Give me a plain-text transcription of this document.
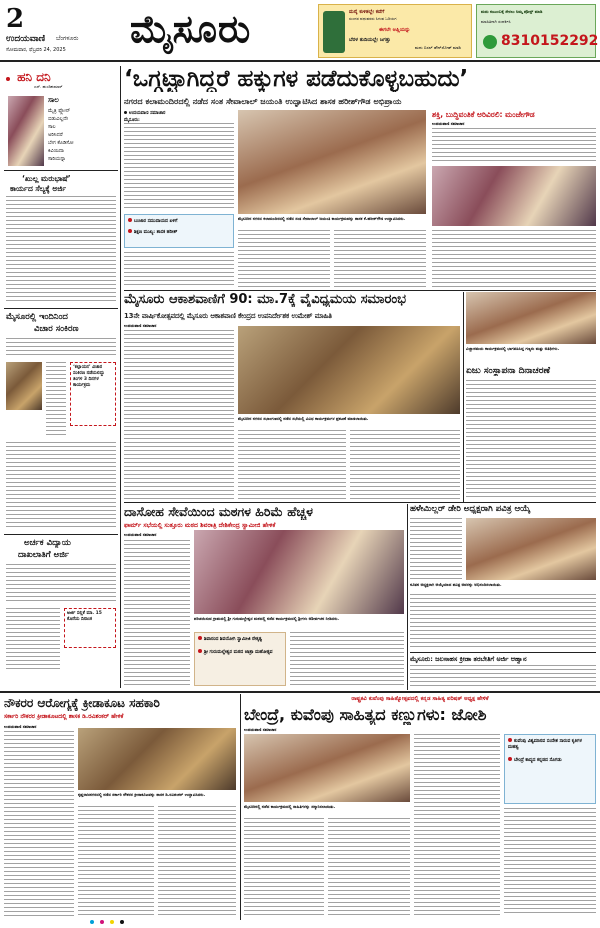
2
ಉದಯವಾಣಿ ಬೆಂಗಳೂರು
ಸೋಮವಾರ, ಫೆಬ್ರವರಿ 24, 2025 ಮೈಸೂರು	ಮನೈ ಕುಳಿತಲ್ಲೇ ಕವೆಗೆ
ಸುಂದರ ವಧುವರರು ಸಿಗುವ ಒರಿಯಗ
ಈಗಲೇ ಅಪ್ಲಿಯನ್ನು
ಬೆರಳ ತುದಿಯಲ್ಲೇ ಜಗತ್ತು
ಮದು ಬಿಸಲ್ ಡೌನ್‌ಲೋಡ್ ಮಾಡಿ
ಮದು ಕುಟುಂಬಕ್ಕೆ ಸೇರಲು ನಿಮ್ಮ ಪೋಸ್ಟ್ ಮಾಡಿ
ಮಾಹಿತಿಗಾಗಿ ಸಂಪರ್ಕಿಸಿ
8310152292
ಹನಿ ದನಿ
ಎಸ್. ಹುಂಡಿಕುಮಾರ್
ಸಾಲ
ಮೈತ್ರಿ ಫ್ಲೋನ್‌
ಬಿಡುವಿಲ್ಲದೇ
ಸಾಲ
ಅರಿಸಿದರೆ
ಬೇಗ ಕೊಡಿಸೋ
ಕಿವಿಯಿದಾ
ಸಾರಿಯನ್ನಾ
‘ಖುಲ್ಲ ಮರುಭಾಷೆ’
ಕಾರ್ಯದ ಸೆಲ್ಯಕ್ಕೆ ಅರ್ಜಿ
ಮೈಸೂರಲ್ಲಿ ಇಂದಿನಿಂದ
ವಿಚಾರ ಸಂಕಿರಣ
‘ಕಲ್ಪಾಯನ’ ವಿಚಾರ ಸಂಕಿರಣ ನಡೆಯಲಿದ್ದು ತಿಂಗಳ 3 ದಿನಗಳ ಕಾರ್ಯಕ್ರಮ
ಅರ್ಚಕ ವಿದ್ಯಾಯ
ದಾಖಲಾತಿಗೆ ಅರ್ಜಿ
ಅರ್ಜಿ ಸಲ್ಲಿಕೆ ಮಾ. 15 ಕೊನೆಯ ದಿನಾಂಕ
‘ಒಗ್ಗಟ್ಟಾಗಿದ್ದರೆ ಹಕ್ಕುಗಳ ಪಡೆದುಕೊಳ್ಳಬಹುದು’
ನಗರದ ಕಲಾಮಂದಿರದಲ್ಲಿ ನಡೆದ ಸಂತ ಸೇವಾಲಾಲ್ ಜಯಂತಿ ಉದ್ಘಾಟಿಸಿದ ಶಾಸಕ ಹರೀಶ್‌ಗೌಡ ಅಭಿಪ್ರಾಯ
ಉದಯವಾಣಿ ಸಮಾಚಾರ
ಮೈಸೂರು:
ಬಂಜಾರ ಸಮುದಾಯದ ಏಳಿಗೆ
ಶಿಕ್ಷಣ ಮುಖ್ಯ: ಶಾಸಕ ಹರೀಶ್‌
ಮೈಸೂರಿನ ನಗರದ ಕಲಾಮಂದಿರದಲ್ಲಿ ನಡೆದ ಸಂತ ಸೇವಾಲಾಲ್ ಜಯಂತಿ ಕಾರ್ಯಕ್ರಮವನ್ನು ಶಾಸಕ ಕೆ.ಹರೀಶ್‌ಗೌಡ ಉದ್ಘಾಟಿಸಿದರು.
ಶಕ್ತಿ, ಬುದ್ಧಿವಂತಿಕೆ ಅರಿವಿರಲಿ: ಮಂಜೇಗೌಡ
ಉದಯವಾಣಿ ಸಮಾಚಾರ
ಮೈಸೂರು ಆಕಾಶವಾಣಿಗೆ 90: ಮಾ.7ಕ್ಕೆ ವೈವಿಧ್ಯಮಯ ಸಮಾರಂಭ
13ನೇ ವಾರ್ಷಿಕೋತ್ಸವದಲ್ಲಿ ಮೈಸೂರು ಆಕಾಶವಾಣಿ ಕೇಂದ್ರದ ಉಪನಿರ್ದೇಶಕ ಉಮೇಶ್ ಮಾಹಿತಿ
ಉದಯವಾಣಿ ಸಮಾಚಾರ
ಮೈಸೂರಿನ ನಗರದ ಸಭಾಂಗಣದಲ್ಲಿ ನಡೆದ ಸಭೆಯಲ್ಲಿ ವಿವಿಧ ಕಾರ್ಯಕ್ರಮಗಳ ಪ್ರಕಟಣೆ ಮಾಡಲಾಯಿತು.
ವಿಜ್ಞಾನಮಯ ಕಾರ್ಯಕ್ರಮದಲ್ಲಿ ಭಾಗವಹಿಸಿದ್ದ ಗಣ್ಯರು ಮತ್ತು ಅತಿಥಿಗಳು.
ಏಜು ಸಂಸ್ಥಾಪನಾ ದಿನಾಚರಣೆ
ದಾಸೋಹ ಸೇವೆಯಿಂದ ಮಠಗಳ ಹಿರಿಮೆ ಹೆಚ್ಚಳ
ಫಾರ್ಮ್‌ ಸಭೆಯಲ್ಲಿ ಸುತ್ತೂರು ಮಠದ ಶಿವರಾತ್ರಿ ದೇಶಿಕೇಂದ್ರ ಸ್ವಾಮೀಜಿ ಹೇಳಿಕೆ
ಉದಯವಾಣಿ ಸಮಾಚಾರ
ಪರಿಚಯಿಸುವ ಗ್ರಾಮದಲ್ಲಿ ಶ್ರೀ ಗುರುಮಲ್ಲೇಶ್ವರ ಮಠದಲ್ಲಿ ನಡೆದ ಕಾರ್ಯಕ್ರಮದಲ್ಲಿ ಶ್ರೀಗಳು ಆಶೀರ್ವಚನ ನೀಡಿದರು.
ಶಿವಾನಂದ ಶಿವಯೋಗಿ ಸ್ವಾಮೀಜಿ ನೇತೃತ್ವ
ಶ್ರೀ ಗುರುಮಲ್ಲೇಶ್ವರ ಮಠದ ಜಾತ್ರಾ ಮಹೋತ್ಸವ
ಹಳೇಮಿಲ್ಲರ್ ಡೇರಿ ಅಧ್ಯಕ್ಷರಾಗಿ ಪವಿತ್ರ ಆಯ್ಕೆ
ನೂತನ ಅಧ್ಯಕ್ಷರಾಗಿ ಆಯ್ಕೆಯಾದ ಪವಿತ್ರ ಅವರನ್ನು ಅಭಿನಂದಿಸಲಾಯಿತು.
ಮೈಸೂರು: ಜಲಸಾಹಸ ಕ್ರೀಡಾ ತರಬೇತಿಗೆ ಅರ್ಜಿ ಆಹ್ವಾನ
ನೌಕರರ ಆರೋಗ್ಯಕ್ಕೆ ಕ್ರೀಡಾಕೂಟ ಸಹಕಾರಿ
ಸರ್ಕಾರಿ ನೌಕರರ ಕ್ರೀಡಾಕೂಟದಲ್ಲಿ ಶಾಸಕ ಡಿ.ರವಿಶಂಕರ್ ಹೇಳಿಕೆ
ಉದಯವಾಣಿ ಸಮಾಚಾರ
ಕೃಷ್ಣರಾಜನಗರದಲ್ಲಿ ನಡೆದ ಸರ್ಕಾರಿ ನೌಕರರ ಕ್ರೀಡಾಕೂಟವನ್ನು ಶಾಸಕ ಡಿ.ರವಿಶಂಕರ್ ಉದ್ಘಾಟಿಸಿದರು.
ರಾಷ್ಟ್ರಕವಿ ಕುವೆಂಪು ಸಾಹಿತ್ಯೋತ್ಸವದಲ್ಲಿ ಕನ್ನಡ ಸಾಹಿತ್ಯ ಪರಿಷತ್ ಅಧ್ಯಕ್ಷ ಹೇಳಿಕೆ
ಬೇಂದ್ರೆ, ಕುವೆಂಪು ಸಾಹಿತ್ಯದ ಕಣ್ಣುಗಳು: ಜೋಶಿ
ಉದಯವಾಣಿ ಸಮಾಚಾರ
ಮೈಸೂರಿನಲ್ಲಿ ನಡೆದ ಕಾರ್ಯಕ್ರಮದಲ್ಲಿ ಸಾಹಿತಿಗಳನ್ನು ಸನ್ಮಾನಿಸಲಾಯಿತು.
ಕುವೆಂಪು ವಿಶ್ವಮಾನವ ಸಂದೇಶ ಸಾರುವ ಕೃತಿಗಳ ಮಹತ್ವ
ಬೇಂದ್ರೆ ಕಾವ್ಯದ ಕನ್ನಡದ ಸೊಗಡು
